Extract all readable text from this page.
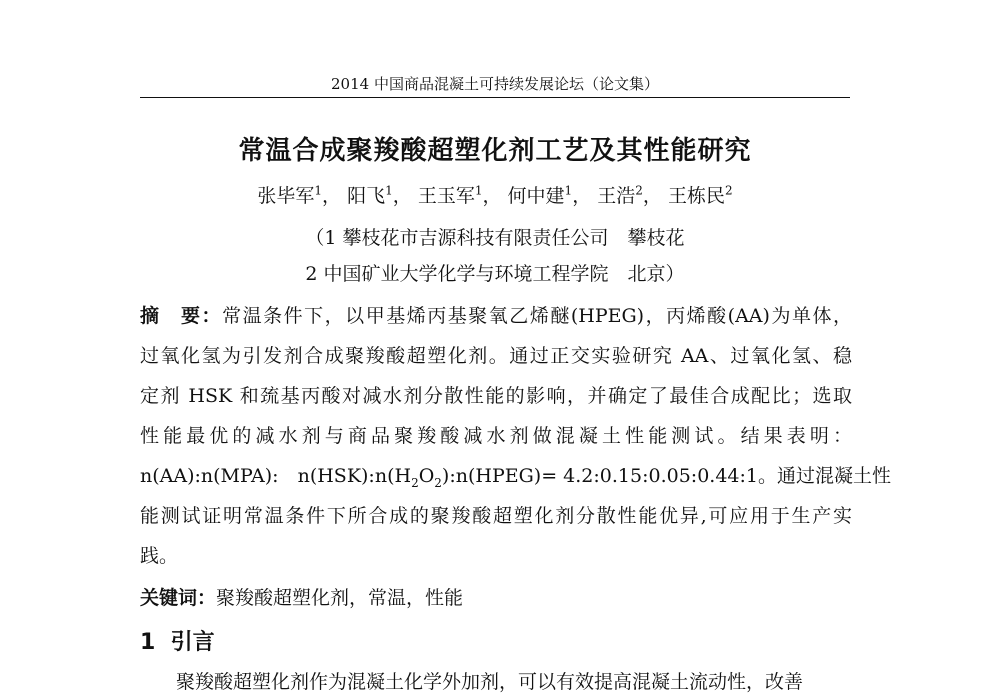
2014 中国商品混凝土可持续发展论坛（论文集）
常温合成聚羧酸超塑化剂工艺及其性能研究
张毕军$^1$， 阳飞$^1$， 王玉军$^1$， 何中建$^1$， 王浩$^2$， 王栋民$^2$
（1 攀枝花市吉源科技有限责任公司　攀枝花
2 中国矿业大学化学与环境工程学院　北京）
摘　要：常温条件下，以甲基烯丙基聚氧乙烯醚(HPEG)，丙烯酸(AA)为单体，
过氧化氢为引发剂合成聚羧酸超塑化剂。通过正交实验研究 AA、过氧化氢、稳
定剂 HSK 和巯基丙酸对减水剂分散性能的影响，并确定了最佳合成配比；选取
性能最优的减水剂与商品聚羧酸减水剂做混凝土性能测试。结果表明：
n(AA):n(MPA):　$n(HSK):n(H_2O_2):n(HPEG)=$ 4.2:0.15:0.05:0.44:1。通过混凝土性
能测试证明常温条件下所合成的聚羧酸超塑化剂分散性能优异,可应用于生产实
践。
关键词：聚羧酸超塑化剂，常温，性能
1 引言
聚羧酸超塑化剂作为混凝土化学外加剂，可以有效提高混凝土流动性，改善
